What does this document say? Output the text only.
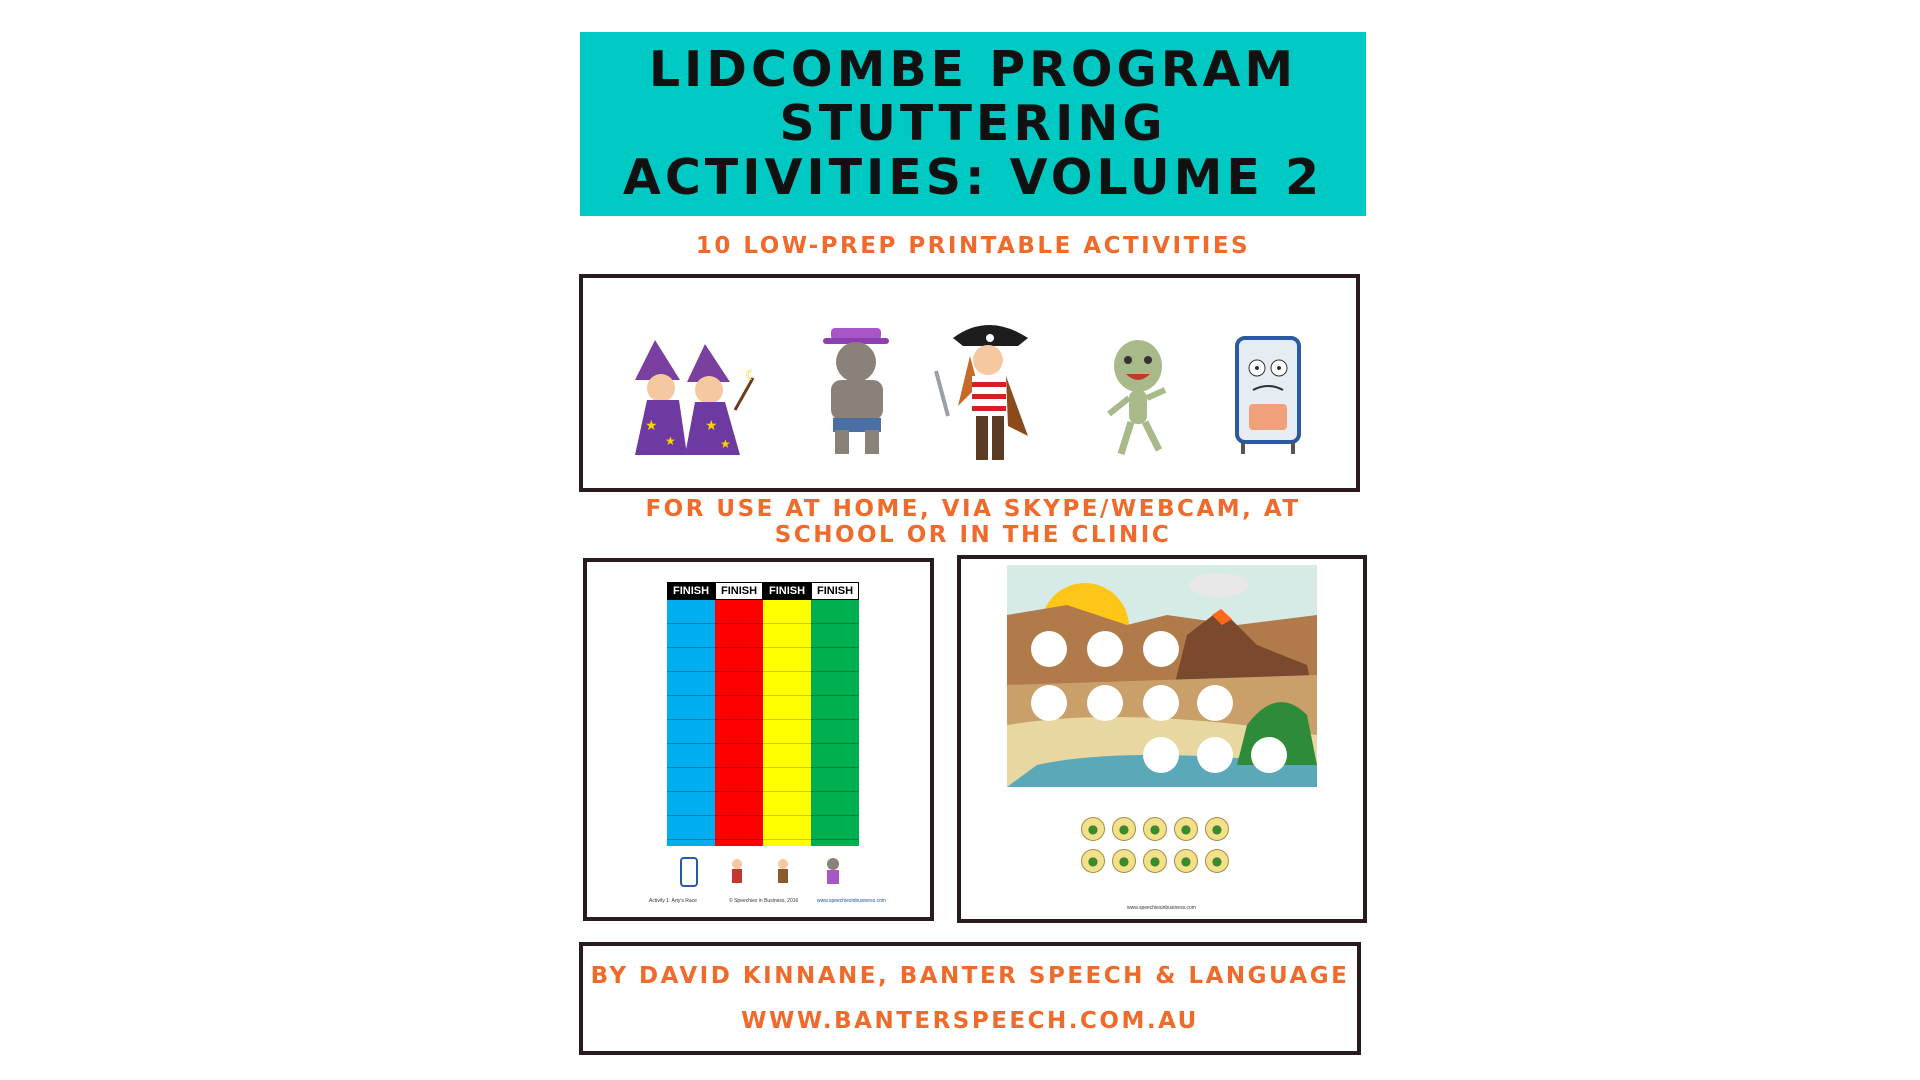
LIDCOMBE PROGRAM
STUTTERING
ACTIVITIES: VOLUME 2
10 LOW-PREP PRINTABLE ACTIVITIES
★
★
★
★
☾
FOR USE AT HOME, VIA SKYPE/WEBCAM, AT
SCHOOL OR IN THE CLINIC
FINISH	FINISH	FINISH	FINISH
Activity 1: Arty's Race	© Speechies in Business, 2016	www.speechiesinbusiness.com
●	●	●	●	●
●	●	●	●	●
www.speechiesinbusiness.com
BY DAVID KINNANE, BANTER SPEECH & LANGUAGE
WWW.BANTERSPEECH.COM.AU
